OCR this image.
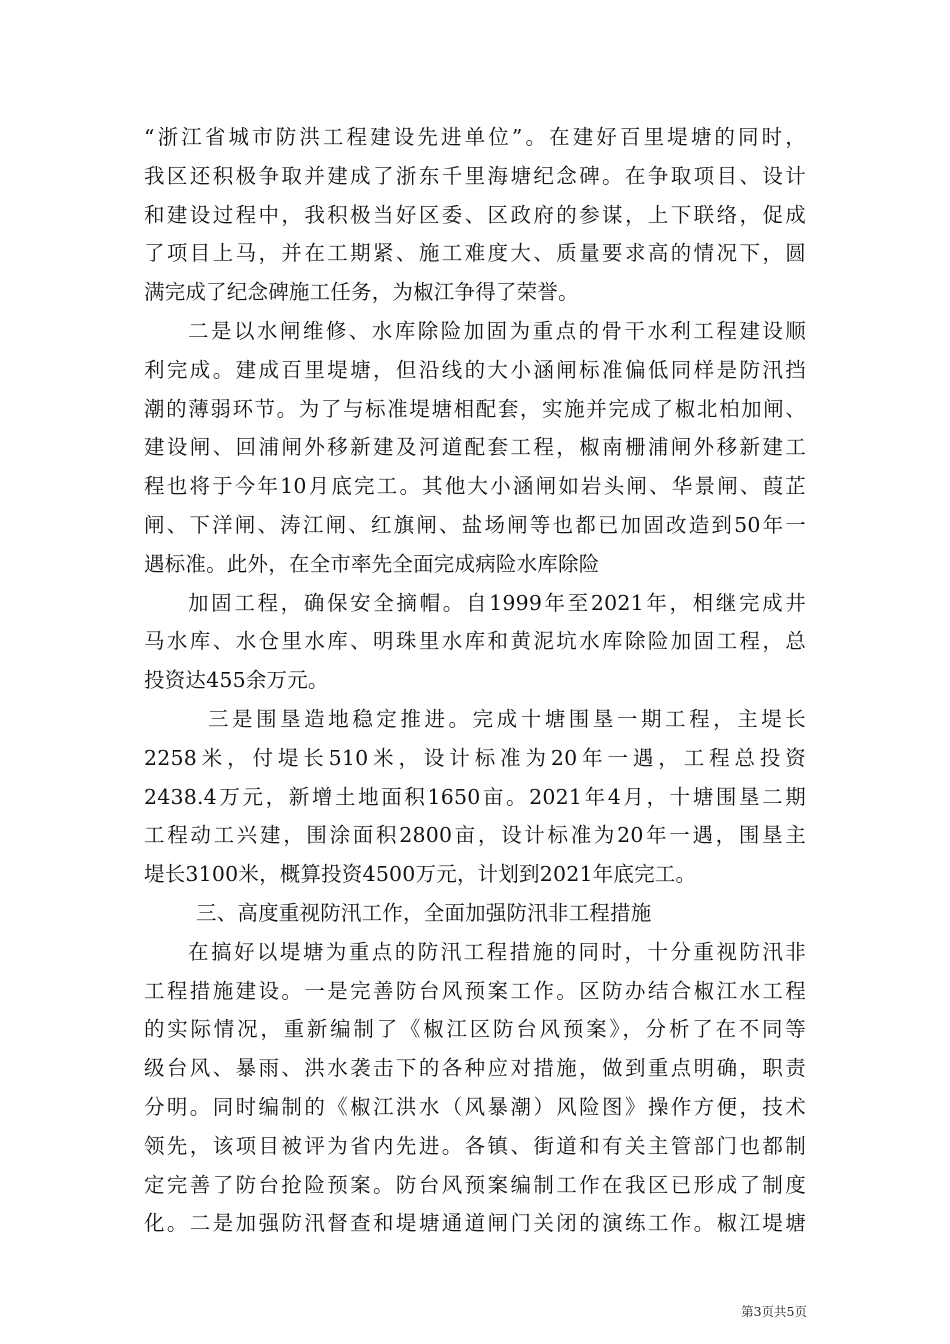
“浙江省城市防洪工程建设先进单位”。在建好百里堤塘的同时，
我区还积极争取并建成了浙东千里海塘纪念碑。在争取项目、设计
和建设过程中，我积极当好区委、区政府的参谋，上下联络，促成
了项目上马，并在工期紧、施工难度大、质量要求高的情况下，圆
满完成了纪念碑施工任务，为椒江争得了荣誉。
二是以水闸维修、水库除险加固为重点的骨干水利工程建设顺
利完成。建成百里堤塘，但沿线的大小涵闸标准偏低同样是防汛挡
潮的薄弱环节。为了与标准堤塘相配套，实施并完成了椒北柏加闸、
建设闸、回浦闸外移新建及河道配套工程，椒南栅浦闸外移新建工
程也将于今年10月底完工。其他大小涵闸如岩头闸、华景闸、葭芷
闸、下洋闸、涛江闸、红旗闸、盐场闸等也都已加固改造到50年一
遇标准。此外，在全市率先全面完成病险水库除险
加固工程，确保安全摘帽。自1999年至2021年，相继完成井
马水库、水仓里水库、明珠里水库和黄泥坑水库除险加固工程，总
投资达455余万元。
三是围垦造地稳定推进。完成十塘围垦一期工程，主堤长
2258米，付堤长510米，设计标准为20年一遇，工程总投资
2438.4万元，新增土地面积1650亩。2021年4月，十塘围垦二期
工程动工兴建，围涂面积2800亩，设计标准为20年一遇，围垦主
堤长3100米，概算投资4500万元，计划到2021年底完工。
三、高度重视防汛工作，全面加强防汛非工程措施
在搞好以堤塘为重点的防汛工程措施的同时，十分重视防汛非
工程措施建设。一是完善防台风预案工作。区防办结合椒江水工程
的实际情况，重新编制了《椒江区防台风预案》，分析了在不同等
级台风、暴雨、洪水袭击下的各种应对措施，做到重点明确，职责
分明。同时编制的《椒江洪水（风暴潮）风险图》操作方便，技术
领先，该项目被评为省内先进。各镇、街道和有关主管部门也都制
定完善了防台抢险预案。防台风预案编制工作在我区已形成了制度
化。二是加强防汛督查和堤塘通道闸门关闭的演练工作。椒江堤塘
第3页共5页
